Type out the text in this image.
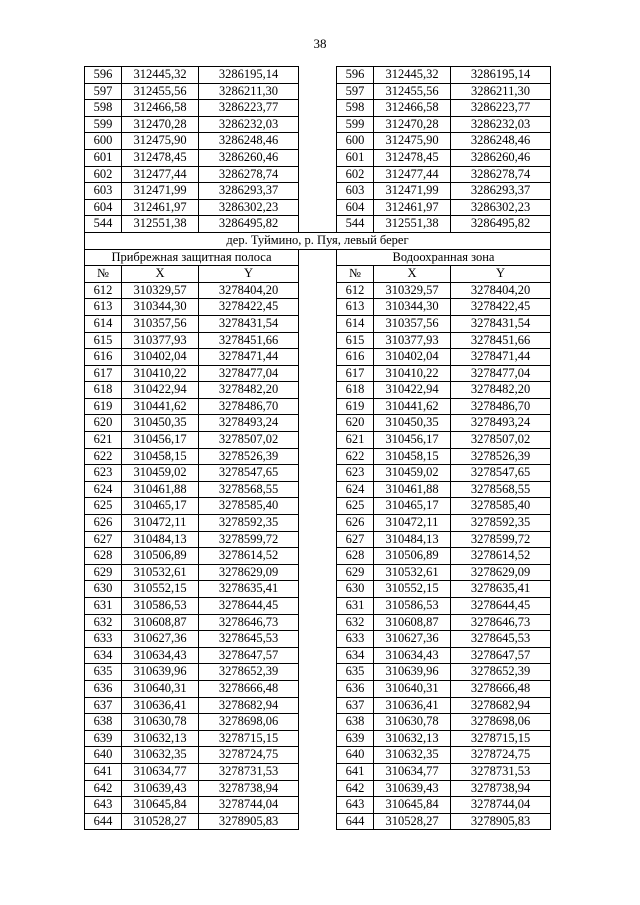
38
596	312445,32	3286195,14		596	312445,32	3286195,14
597	312455,56	3286211,30		597	312455,56	3286211,30
598	312466,58	3286223,77		598	312466,58	3286223,77
599	312470,28	3286232,03		599	312470,28	3286232,03
600	312475,90	3286248,46		600	312475,90	3286248,46
601	312478,45	3286260,46		601	312478,45	3286260,46
602	312477,44	3286278,74		602	312477,44	3286278,74
603	312471,99	3286293,37		603	312471,99	3286293,37
604	312461,97	3286302,23		604	312461,97	3286302,23
544	312551,38	3286495,82		544	312551,38	3286495,82
дер. Туймино, р. Пуя, левый берег						
Прибрежная защитная полоса				Водоохранная зона		
№	X	Y		№	X	Y
612	310329,57	3278404,20		612	310329,57	3278404,20
613	310344,30	3278422,45		613	310344,30	3278422,45
614	310357,56	3278431,54		614	310357,56	3278431,54
615	310377,93	3278451,66		615	310377,93	3278451,66
616	310402,04	3278471,44		616	310402,04	3278471,44
617	310410,22	3278477,04		617	310410,22	3278477,04
618	310422,94	3278482,20		618	310422,94	3278482,20
619	310441,62	3278486,70		619	310441,62	3278486,70
620	310450,35	3278493,24		620	310450,35	3278493,24
621	310456,17	3278507,02		621	310456,17	3278507,02
622	310458,15	3278526,39		622	310458,15	3278526,39
623	310459,02	3278547,65		623	310459,02	3278547,65
624	310461,88	3278568,55		624	310461,88	3278568,55
625	310465,17	3278585,40		625	310465,17	3278585,40
626	310472,11	3278592,35		626	310472,11	3278592,35
627	310484,13	3278599,72		627	310484,13	3278599,72
628	310506,89	3278614,52		628	310506,89	3278614,52
629	310532,61	3278629,09		629	310532,61	3278629,09
630	310552,15	3278635,41		630	310552,15	3278635,41
631	310586,53	3278644,45		631	310586,53	3278644,45
632	310608,87	3278646,73		632	310608,87	3278646,73
633	310627,36	3278645,53		633	310627,36	3278645,53
634	310634,43	3278647,57		634	310634,43	3278647,57
635	310639,96	3278652,39		635	310639,96	3278652,39
636	310640,31	3278666,48		636	310640,31	3278666,48
637	310636,41	3278682,94		637	310636,41	3278682,94
638	310630,78	3278698,06		638	310630,78	3278698,06
639	310632,13	3278715,15		639	310632,13	3278715,15
640	310632,35	3278724,75		640	310632,35	3278724,75
641	310634,77	3278731,53		641	310634,77	3278731,53
642	310639,43	3278738,94		642	310639,43	3278738,94
643	310645,84	3278744,04		643	310645,84	3278744,04
644	310528,27	3278905,83		644	310528,27	3278905,83
